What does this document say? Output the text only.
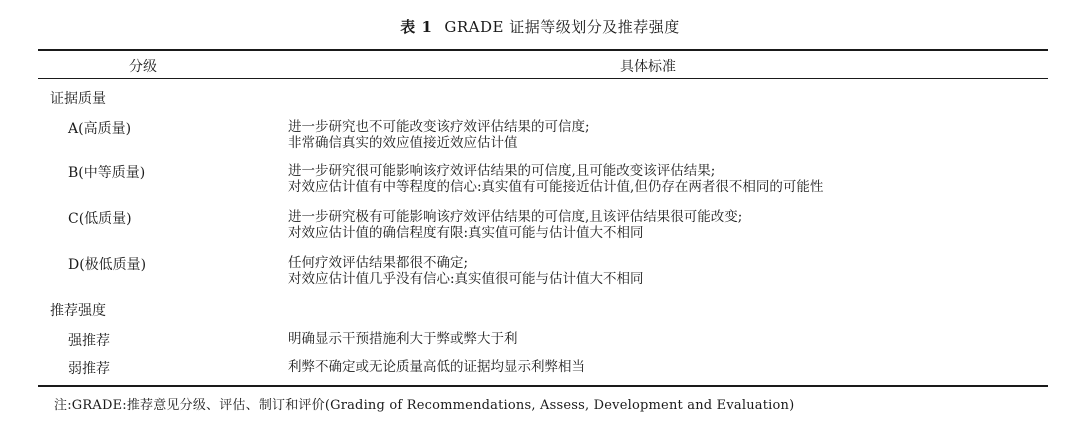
表 1 GRADE 证据等级划分及推荐强度
分级	具体标准
证据质量
A(高质量)	进一步研究也不可能改变该疗效评估结果的可信度;
非常确信真实的效应值接近效应估计值
B(中等质量)	进一步研究很可能影响该疗效评估结果的可信度,且可能改变该评估结果;
对效应估计值有中等程度的信心:真实值有可能接近估计值,但仍存在两者很不相同的可能性
C(低质量)	进一步研究极有可能影响该疗效评估结果的可信度,且该评估结果很可能改变;
对效应估计值的确信程度有限:真实值可能与估计值大不相同
D(极低质量)	任何疗效评估结果都很不确定;
对效应估计值几乎没有信心:真实值很可能与估计值大不相同
推荐强度
强推荐	明确显示干预措施利大于弊或弊大于利
弱推荐	利弊不确定或无论质量高低的证据均显示利弊相当
注:GRADE:推荐意见分级、评估、制订和评价(Grading of Recommendations, Assess, Development and Evaluation)
